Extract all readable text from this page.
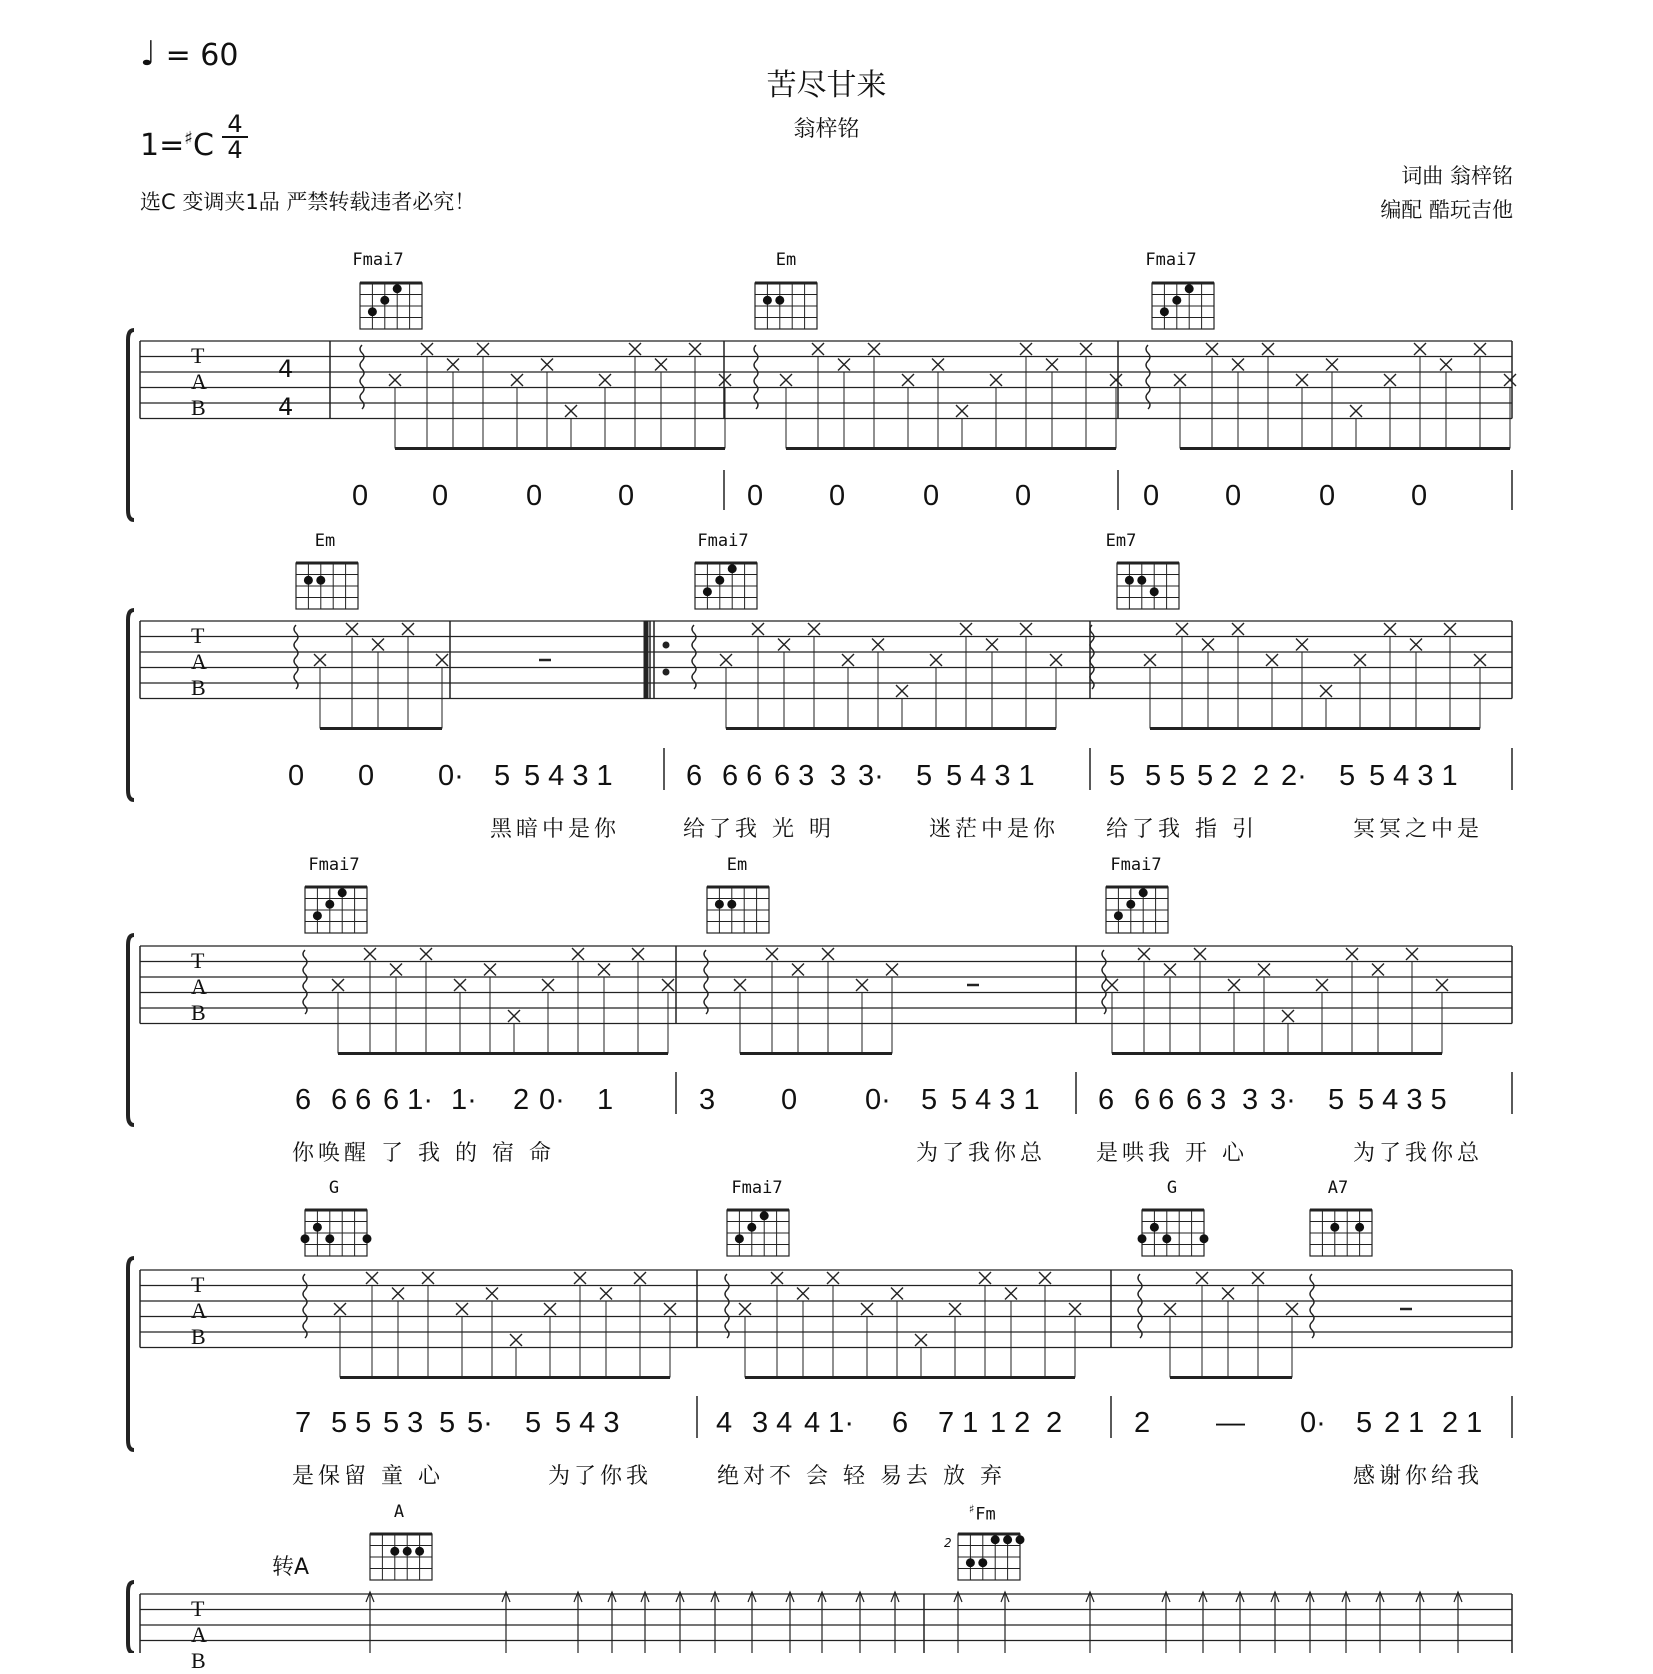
♩ = 60
1=♯C
4
4
苦尽甘来
翁梓铭
选C 变调夹1品 严禁转载违者必究！
词曲 翁梓铭
编配 酷玩吉他
T
A
B
T
A
B
T
A
B
T
A
B
T
A
B
4
4
Fmai7	Em	Fmai7
Em	Fmai7	Em7
Fmai7	Em	Fmai7
G	Fmai7	G	A7
A	♯Fm
2
转A
0 0	0	0	0 0	0	0	0 0	0	0
0 0 0· 5 5 4 3 1	6 6 6 6 3 3 3· 5 5 4 3 1	5 5 5 5 2 2 2· 5 5 4 3 1
黑暗中是你	给了我 光 明	迷茫中是你 给了我 指 引	冥冥之中是
6 6 6 6 1· 1· 2 0· 1	3 0 0· 5 5 4 3 1 6 6 6 6 3 3 3· 5 5 4 3 5
你唤醒 了 我 的 宿 命	为了我你总 是哄我 开 心	为了我你总
7 5 5 5 3 5 5· 5 5 4 3	4 3 4 4 1· 6 7 1 1 2 2 2 — 0· 5 2 1 2 1
是保留 童 心	为了你我	绝对不 会 轻 易去 放 弃	感谢你给我
